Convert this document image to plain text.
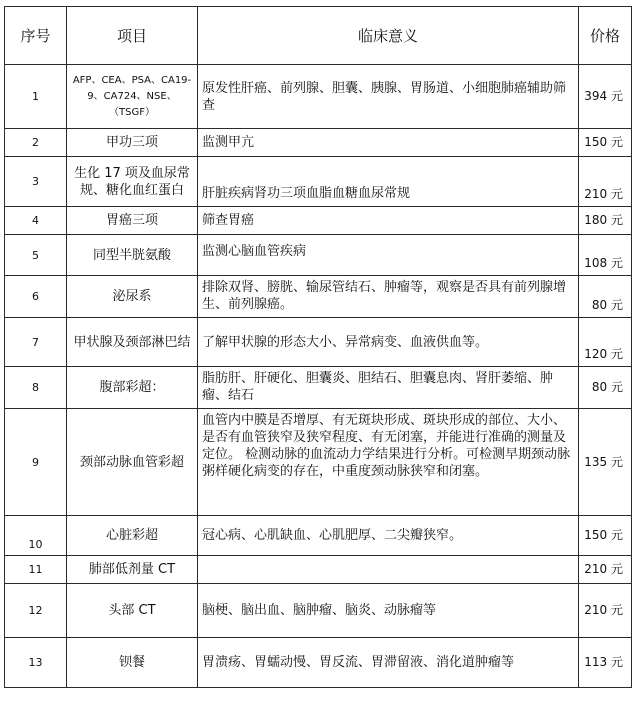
序号	项目	临床意义	价格
1	AFP、CEA、PSA、CA19-9、CA724、NSE、（TSGF）	原发性肝癌、前列腺、胆囊、胰腺、胃肠道、小细胞肺癌辅助筛查	394 元
2	甲功三项	监测甲亢	150 元
3	生化 17 项及血尿常规、糖化血红蛋白	肝脏疾病肾功三项血脂血糖血尿常规	210 元
4	胃癌三项	筛查胃癌	180 元
5	同型半胱氨酸	监测心脑血管疾病	108 元
6	泌尿系	排除双肾、膀胱、输尿管结石、肿瘤等，观察是否具有前列腺增生、前列腺癌。	80 元
7	甲状腺及颈部淋巴结	了解甲状腺的形态大小、异常病变、血液供血等。	120 元
8	腹部彩超：	脂肪肝、肝硬化、胆囊炎、胆结石、胆囊息肉、肾肝萎缩、肿瘤、结石	80 元
9	颈部动脉血管彩超	血管内中膜是否增厚、有无斑块形成、斑块形成的部位、大小、是否有血管狭窄及狭窄程度、有无闭塞，并能进行准确的测量及定位。 检测动脉的血流动力学结果进行分析。可检测早期颈动脉粥样硬化病变的存在，中重度颈动脉狭窄和闭塞。	135 元
10	心脏彩超	冠心病、心肌缺血、心肌肥厚、二尖瓣狭窄。	150 元
11	肺部低剂量 CT		210 元
12	头部 CT	脑梗、脑出血、脑肿瘤、脑炎、动脉瘤等	210 元
13	钡餐	胃溃疡、胃蠕动慢、胃反流、胃滞留液、消化道肿瘤等	113 元
